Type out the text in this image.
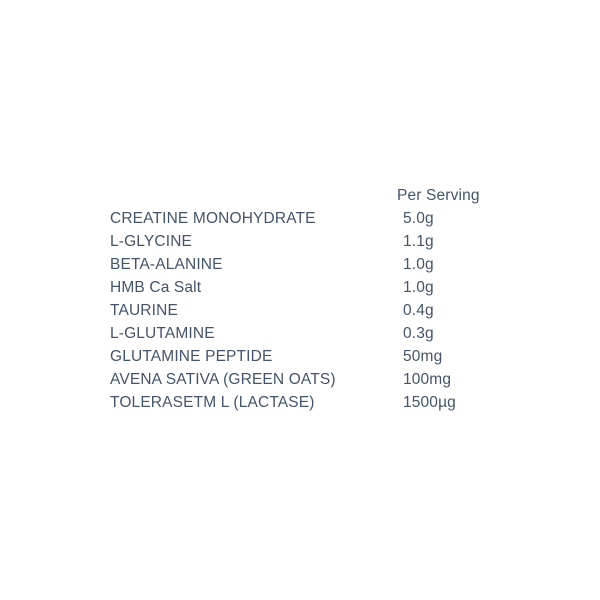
Per Serving
CREATINE MONOHYDRATE	5.0g
L-GLYCINE	1.1g
BETA-ALANINE	1.0g
HMB Ca Salt	1.0g
TAURINE	0.4g
L-GLUTAMINE	0.3g
GLUTAMINE PEPTIDE	50mg
AVENA SATIVA (GREEN OATS)	100mg
TOLERASETM L (LACTASE)	1500µg
